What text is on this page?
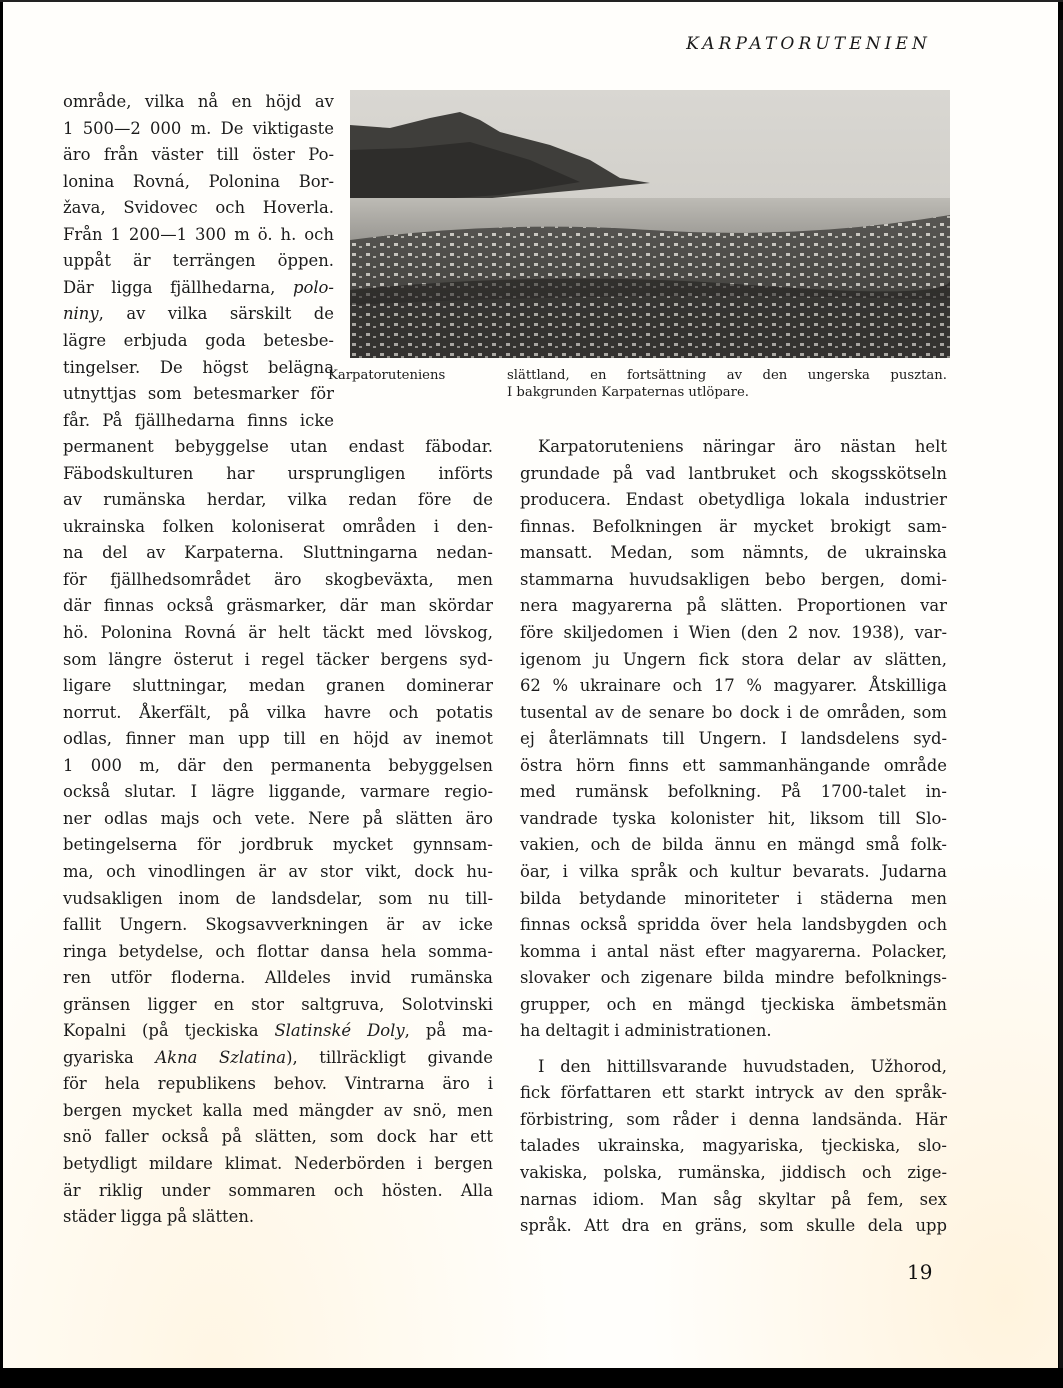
KARPATORUTENIEN
område, vilka nå en höjd av
1 500—2 000 m. De viktigaste
äro från väster till öster Po-
lonina Rovná, Polonina Bor-
žava, Svidovec och Hoverla.
Från 1 200—1 300 m ö. h. och
uppåt är terrängen öppen.
Där ligga fjällhedarna, polo-
niny, av vilka särskilt de
lägre erbjuda goda betesbe-
tingelser. De högst belägna
utnyttjas som betesmarker för
får. På fjällhedarna finns icke
permanent bebyggelse utan endast fäbodar.
Fäbodskulturen har ursprungligen införts
av rumänska herdar, vilka redan före de
ukrainska folken koloniserat områden i den-
na del av Karpaterna. Sluttningarna nedan-
för fjällhedsområdet äro skogbeväxta, men
där finnas också gräsmarker, där man skördar
hö. Polonina Rovná är helt täckt med lövskog,
som längre österut i regel täcker bergens syd-
ligare sluttningar, medan granen dominerar
norrut. Åkerfält, på vilka havre och potatis
odlas, finner man upp till en höjd av inemot
1 000 m, där den permanenta bebyggelsen
också slutar. I lägre liggande, varmare regio-
ner odlas majs och vete. Nere på slätten äro
betingelserna för jordbruk mycket gynnsam-
ma, och vinodlingen är av stor vikt, dock hu-
vudsakligen inom de landsdelar, som nu till-
fallit Ungern. Skogsavverkningen är av icke
ringa betydelse, och flottar dansa hela somma-
ren utför floderna. Alldeles invid rumänska
gränsen ligger en stor saltgruva, Solotvinski
Kopalni (på tjeckiska Slatinské Doly, på ma-
gyariska Akna Szlatina), tillräckligt givande
för hela republikens behov. Vintrarna äro i
bergen mycket kalla med mängder av snö, men
snö faller också på slätten, som dock har ett
betydligt mildare klimat. Nederbörden i bergen
är riklig under sommaren och hösten. Alla
städer ligga på slätten.
Karpatoruteniens	slättland, en fortsättning av den ungerska pusztan.
I bakgrunden Karpaternas utlöpare.
Karpatoruteniens näringar äro nästan helt
grundade på vad lantbruket och skogsskötseln
producera. Endast obetydliga lokala industrier
finnas. Befolkningen är mycket brokigt sam-
mansatt. Medan, som nämnts, de ukrainska
stammarna huvudsakligen bebo bergen, domi-
nera magyarerna på slätten. Proportionen var
före skiljedomen i Wien (den 2 nov. 1938), var-
igenom ju Ungern fick stora delar av slätten,
62 % ukrainare och 17 % magyarer. Åtskilliga
tusental av de senare bo dock i de områden, som
ej återlämnats till Ungern. I landsdelens syd-
östra hörn finns ett sammanhängande område
med rumänsk befolkning. På 1700-talet in-
vandrade tyska kolonister hit, liksom till Slo-
vakien, och de bilda ännu en mängd små folk-
öar, i vilka språk och kultur bevarats. Judarna
bilda betydande minoriteter i städerna men
finnas också spridda över hela landsbygden och
komma i antal näst efter magyarerna. Polacker,
slovaker och zigenare bilda mindre befolknings-
grupper, och en mängd tjeckiska ämbetsmän
ha deltagit i administrationen.
I den hittillsvarande huvudstaden, Užhorod,
fick författaren ett starkt intryck av den språk-
förbistring, som råder i denna landsända. Här
talades ukrainska, magyariska, tjeckiska, slo-
vakiska, polska, rumänska, jiddisch och zige-
narnas idiom. Man såg skyltar på fem, sex
språk. Att dra en gräns, som skulle dela upp
19
